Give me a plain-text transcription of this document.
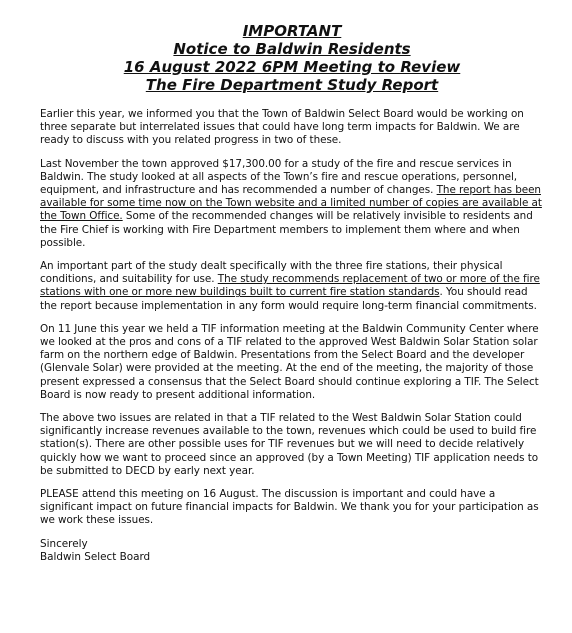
IMPORTANT

Notice to Baldwin Residents

16 August 2022 6PM Meeting to Review

The Fire Department Study Report

Earlier this year, we informed you that the Town of Baldwin Select Board would be working on three separate but interrelated issues that could have long term impacts for Baldwin. We are ready to discuss with you related progress in two of these.

Last November the town approved $17,300.00 for a study of the fire and rescue services in Baldwin. The study looked at all aspects of the Town’s fire and rescue operations, personnel, equipment, and infrastructure and has recommended a number of changes. The report has been available for some time now on the Town website and a limited number of copies are available at the Town Office. Some of the recommended changes will be relatively invisible to residents and the Fire Chief is working with Fire Department members to implement them where and when possible.

An important part of the study dealt specifically with the three fire stations, their physical conditions, and suitability for use. The study recommends replacement of two or more of the fire stations with one or more new buildings built to current fire station standards. You should read the report because implementation in any form would require long-term financial commitments.

On 11 June this year we held a TIF information meeting at the Baldwin Community Center where we looked at the pros and cons of a TIF related to the approved West Baldwin Solar Station solar farm on the northern edge of Baldwin. Presentations from the Select Board and the developer (Glenvale Solar) were provided at the meeting. At the end of the meeting, the majority of those present expressed a consensus that the Select Board should continue exploring a TIF. The Select Board is now ready to present additional information.

The above two issues are related in that a TIF related to the West Baldwin Solar Station could significantly increase revenues available to the town, revenues which could be used to build fire station(s). There are other possible uses for TIF revenues but we will need to decide relatively quickly how we want to proceed since an approved (by a Town Meeting) TIF application needs to be submitted to DECD by early next year.

PLEASE attend this meeting on 16 August. The discussion is important and could have a significant impact on future financial impacts for Baldwin. We thank you for your participation as we work these issues.

Sincerely

Baldwin Select Board
